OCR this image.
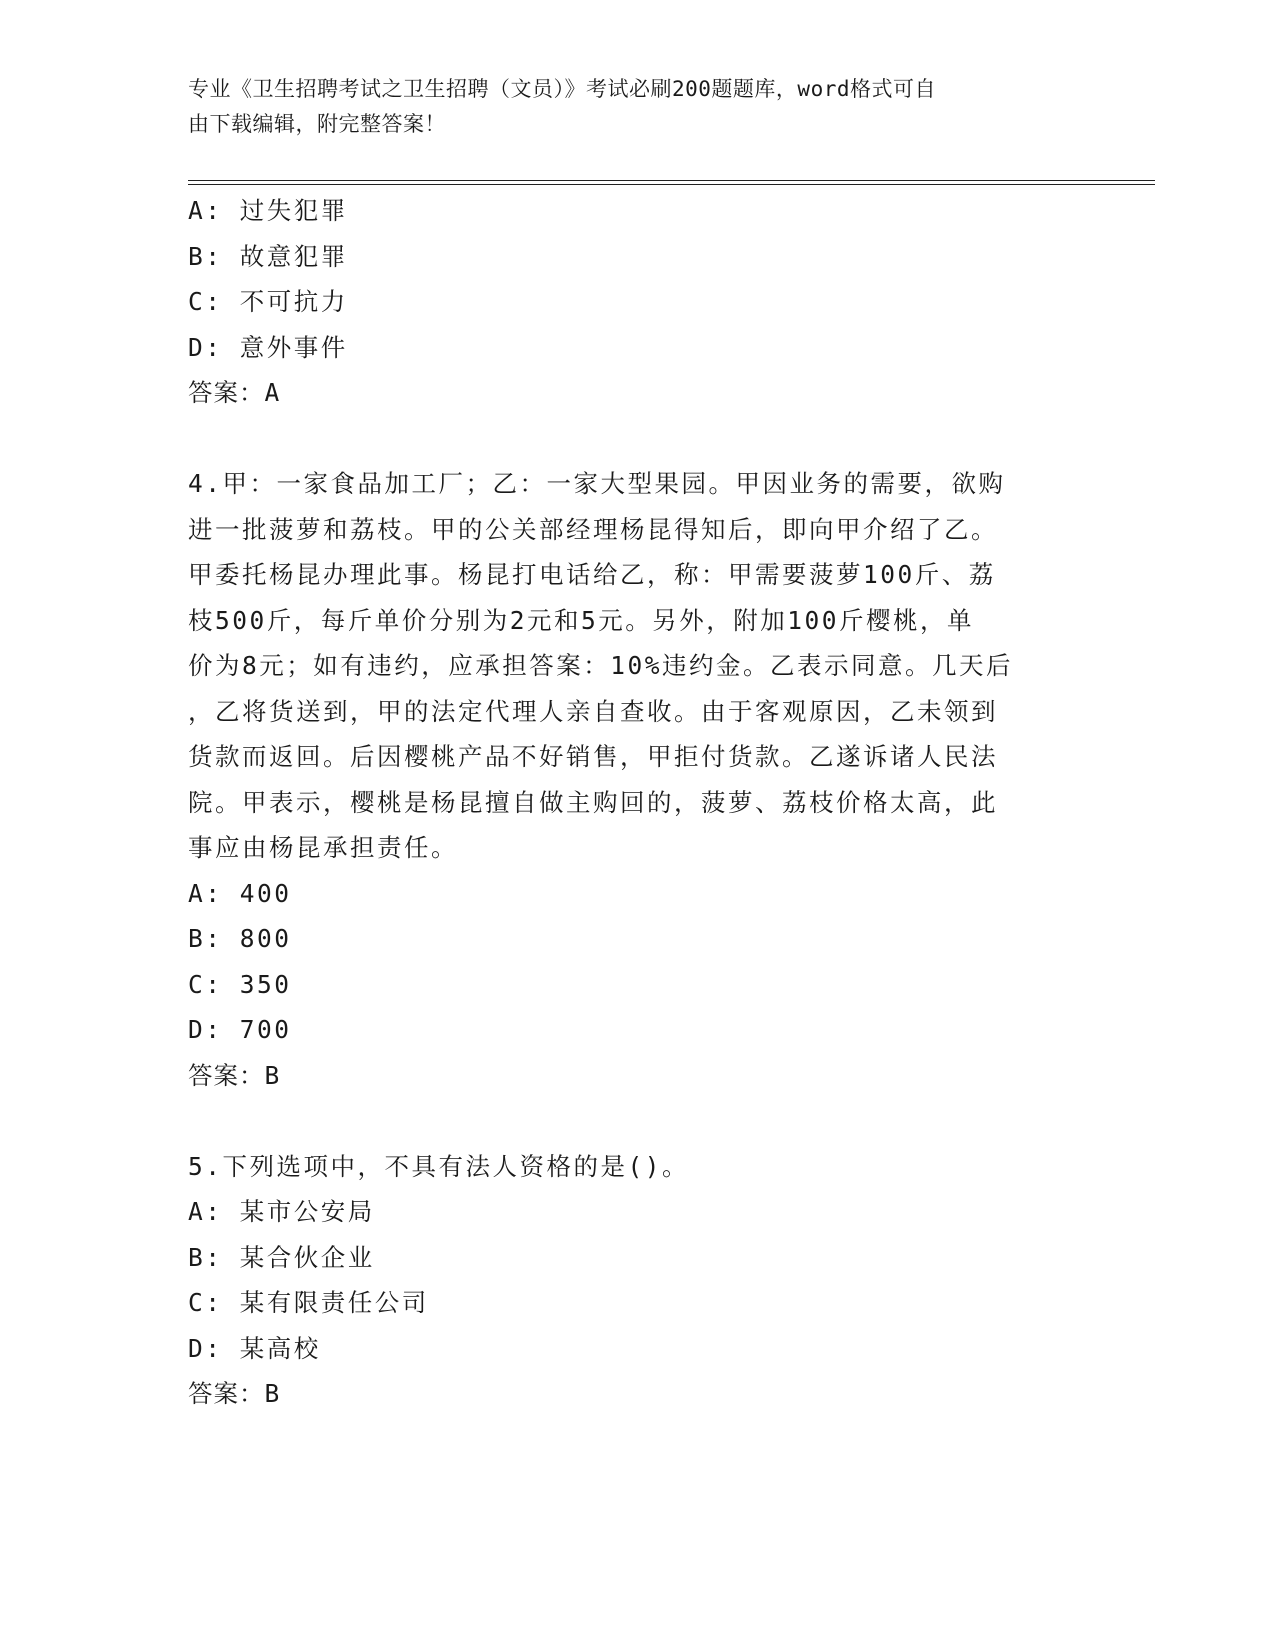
专业《卫生招聘考试之卫生招聘（文员）》考试必刷200题题库，word格式可自
由下载编辑，附完整答案！
A: 过失犯罪
B: 故意犯罪
C: 不可抗力
D: 意外事件
答案：A
4.甲：一家食品加工厂；乙：一家大型果园。甲因业务的需要，欲购
进一批菠萝和荔枝。甲的公关部经理杨昆得知后，即向甲介绍了乙。
甲委托杨昆办理此事。杨昆打电话给乙，称：甲需要菠萝100斤、荔
枝500斤，每斤单价分别为2元和5元。另外，附加100斤樱桃，单
价为8元；如有违约，应承担答案：10%违约金。乙表示同意。几天后
，乙将货送到，甲的法定代理人亲自查收。由于客观原因，乙未领到
货款而返回。后因樱桃产品不好销售，甲拒付货款。乙遂诉诸人民法
院。甲表示，樱桃是杨昆擅自做主购回的，菠萝、荔枝价格太高，此
事应由杨昆承担责任。
A: 400
B: 800
C: 350
D: 700
答案：B
5.下列选项中，不具有法人资格的是()。
A: 某市公安局
B: 某合伙企业
C: 某有限责任公司
D: 某高校
答案：B
